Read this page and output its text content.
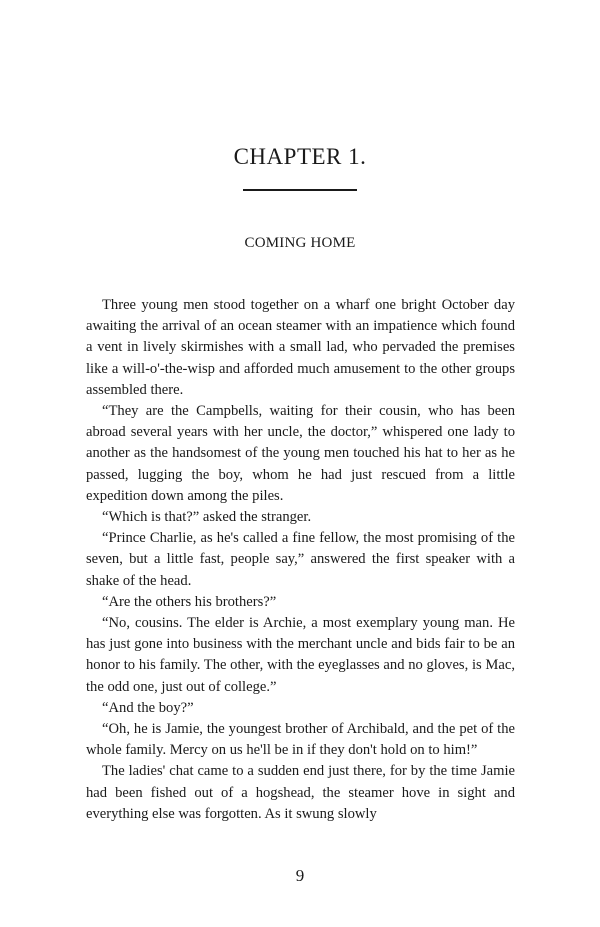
CHAPTER 1.
COMING HOME

Three young men stood together on a wharf one bright October day awaiting the arrival of an ocean steamer with an impatience which found a vent in lively skirmishes with a small lad, who pervaded the premises like a will-o'-the-wisp and afforded much amusement to the other groups assembled there.

“They are the Campbells, waiting for their cousin, who has been abroad several years with her uncle, the doctor,” whispered one lady to another as the handsomest of the young men touched his hat to her as he passed, lugging the boy, whom he had just rescued from a little expedition down among the piles.

“Which is that?” asked the stranger.

“Prince Charlie, as he's called a fine fellow, the most promising of the seven, but a little fast, people say,” answered the first speaker with a shake of the head.

“Are the others his brothers?”

“No, cousins. The elder is Archie, a most exemplary young man. He has just gone into business with the merchant uncle and bids fair to be an honor to his family. The other, with the eyeglasses and no gloves, is Mac, the odd one, just out of college.”

“And the boy?”

“Oh, he is Jamie, the youngest brother of Archibald, and the pet of the whole family. Mercy on us he'll be in if they don't hold on to him!”

The ladies' chat came to a sudden end just there, for by the time Jamie had been fished out of a hogshead, the steamer hove in sight and everything else was forgotten. As it swung slowly

9
